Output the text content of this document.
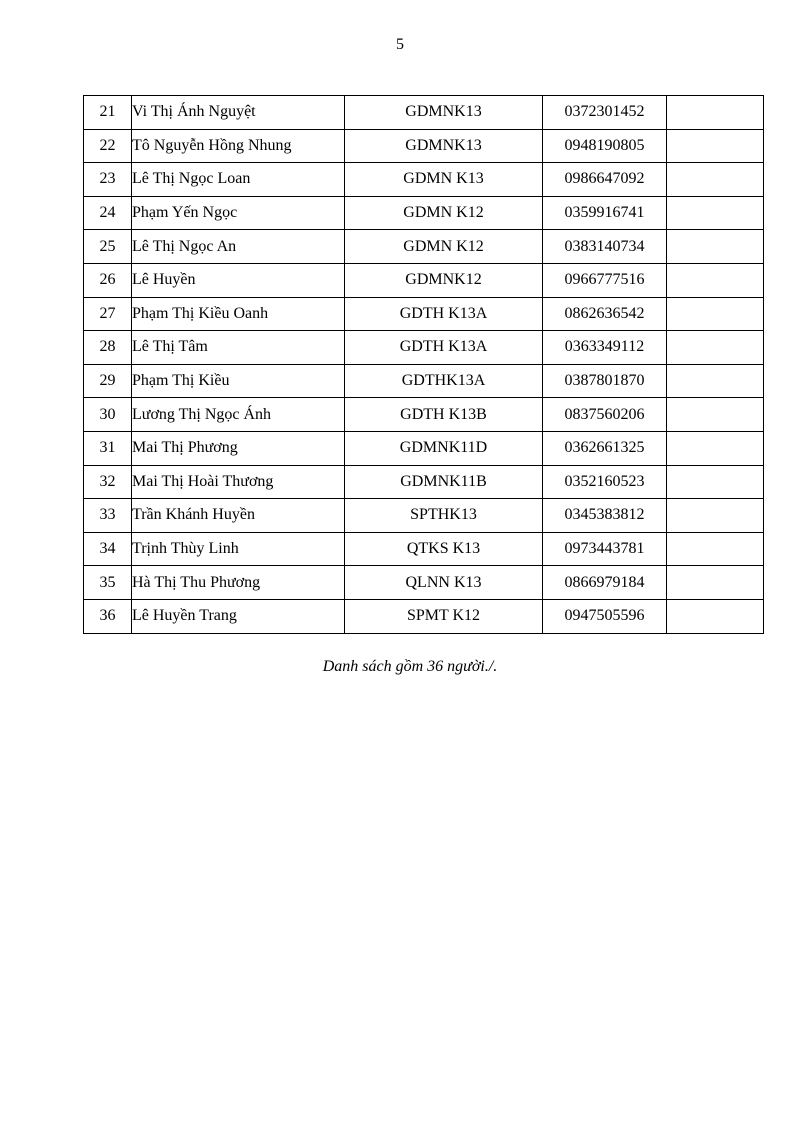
5
21	Vi Thị Ánh Nguyệt	GDMNK13	0372301452	
22	Tô Nguyễn Hồng Nhung	GDMNK13	0948190805	
23	Lê Thị Ngọc Loan	GDMN K13	0986647092	
24	Phạm Yến Ngọc	GDMN K12	0359916741	
25	Lê Thị Ngọc An	GDMN K12	0383140734	
26	Lê Huyền	GDMNK12	0966777516	
27	Phạm Thị Kiều Oanh	GDTH K13A	0862636542	
28	Lê Thị Tâm	GDTH K13A	0363349112	
29	Phạm Thị Kiều	GDTHK13A	0387801870	
30	Lương Thị Ngọc Ánh	GDTH K13B	0837560206	
31	Mai Thị Phương	GDMNK11D	0362661325	
32	Mai Thị Hoài Thương	GDMNK11B	0352160523	
33	Trần Khánh Huyền	SPTHK13	0345383812	
34	Trịnh Thùy Linh	QTKS K13	0973443781	
35	Hà Thị Thu Phương	QLNN K13	0866979184	
36	Lê Huyền Trang	SPMT K12	0947505596	
Danh sách gồm 36 người./.
